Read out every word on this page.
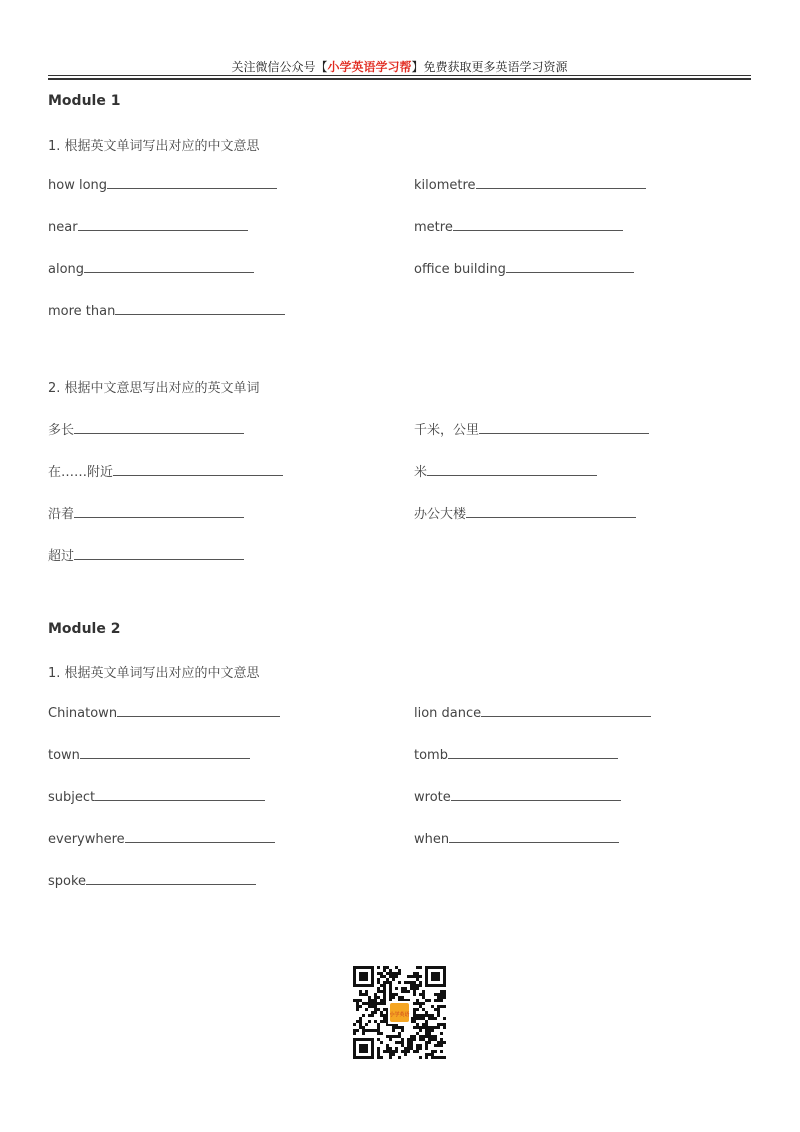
关注微信公众号【小学英语学习帮】免费获取更多英语学习资源
Module 1
1. 根据英文单词写出对应的中文意思
how long
near
along
more than
kilometre
metre
office building
2. 根据中文意思写出对应的英文单词
多长
在……附近
沿着
超过
千米，公里
米
办公大楼
Module 2
1. 根据英文单词写出对应的中文意思
Chinatown
town
subject
everywhere
spoke
lion dance
tomb
wrote
when
小学英语
